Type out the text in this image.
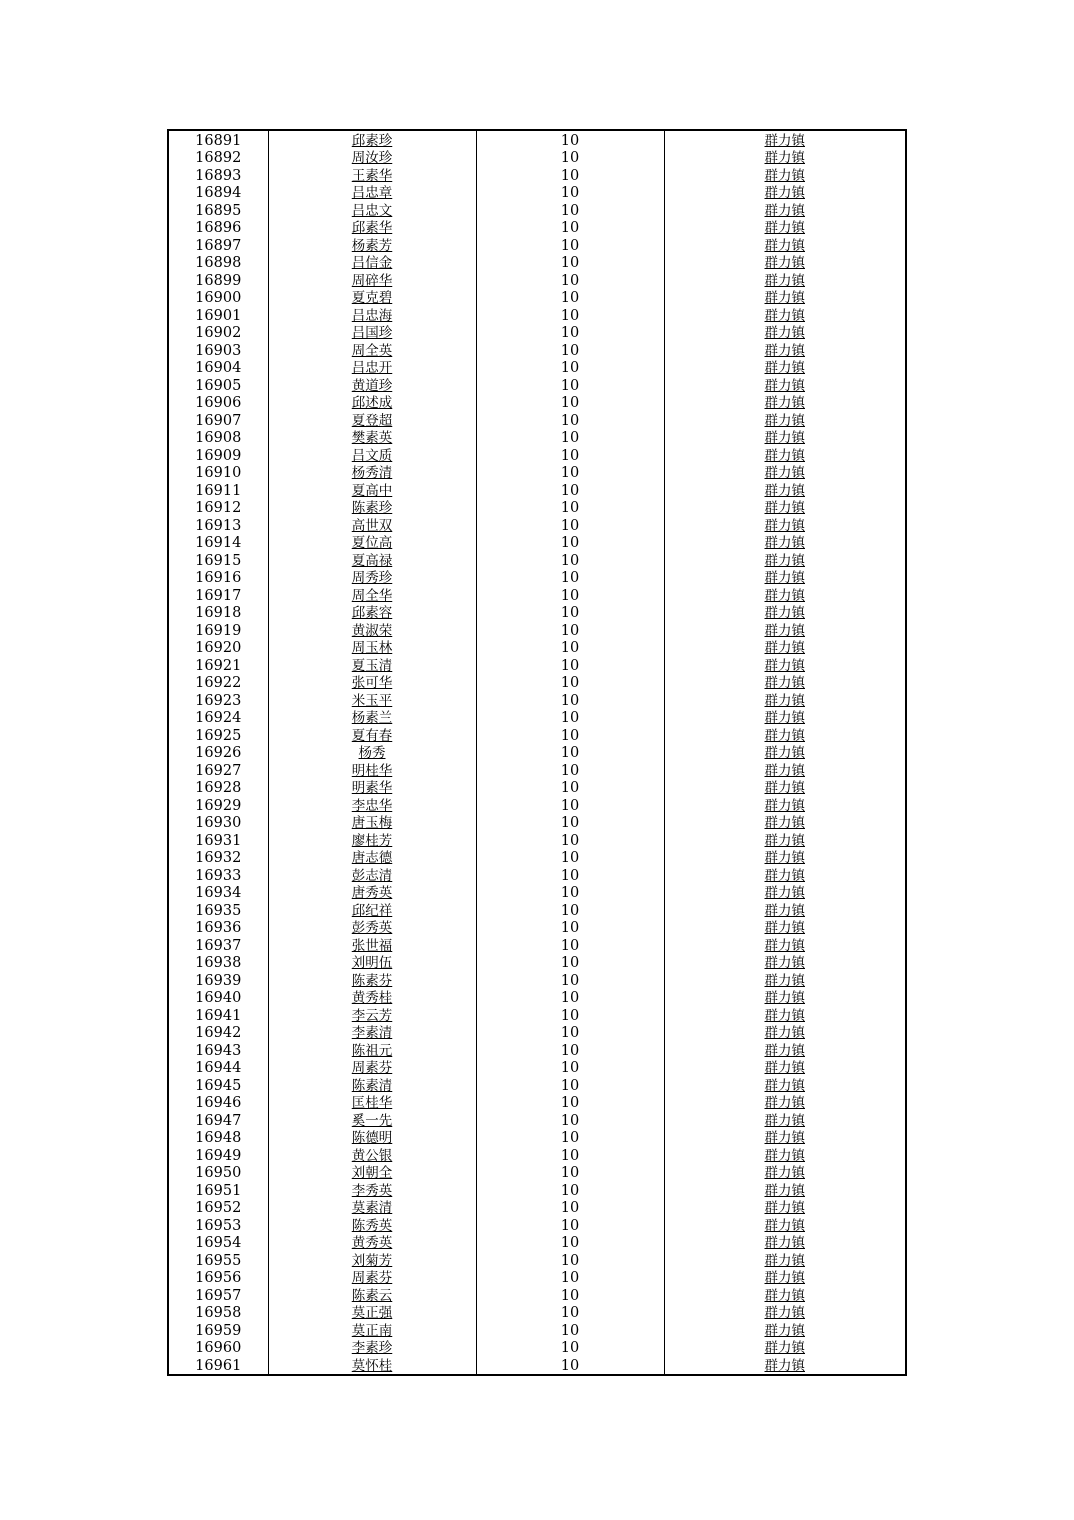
16891	邱素珍	10	群力镇
16892	周汝珍	10	群力镇
16893	王素华	10	群力镇
16894	吕忠章	10	群力镇
16895	吕忠文	10	群力镇
16896	邱素华	10	群力镇
16897	杨素芳	10	群力镇
16898	吕信金	10	群力镇
16899	周碎华	10	群力镇
16900	夏克碧	10	群力镇
16901	吕忠海	10	群力镇
16902	吕国珍	10	群力镇
16903	周全英	10	群力镇
16904	吕忠开	10	群力镇
16905	黄道珍	10	群力镇
16906	邱述成	10	群力镇
16907	夏登超	10	群力镇
16908	樊素英	10	群力镇
16909	吕文质	10	群力镇
16910	杨秀清	10	群力镇
16911	夏高中	10	群力镇
16912	陈素珍	10	群力镇
16913	高世双	10	群力镇
16914	夏位高	10	群力镇
16915	夏高禄	10	群力镇
16916	周秀珍	10	群力镇
16917	周全华	10	群力镇
16918	邱素容	10	群力镇
16919	黄淑荣	10	群力镇
16920	周玉林	10	群力镇
16921	夏玉清	10	群力镇
16922	张可华	10	群力镇
16923	米玉平	10	群力镇
16924	杨素兰	10	群力镇
16925	夏有春	10	群力镇
16926	杨秀	10	群力镇
16927	明桂华	10	群力镇
16928	明素华	10	群力镇
16929	李忠华	10	群力镇
16930	唐玉梅	10	群力镇
16931	廖桂芳	10	群力镇
16932	唐志德	10	群力镇
16933	彭志清	10	群力镇
16934	唐秀英	10	群力镇
16935	邱纪祥	10	群力镇
16936	彭秀英	10	群力镇
16937	张世福	10	群力镇
16938	刘明伍	10	群力镇
16939	陈素芬	10	群力镇
16940	黄秀桂	10	群力镇
16941	李云芳	10	群力镇
16942	李素清	10	群力镇
16943	陈祖元	10	群力镇
16944	周素芬	10	群力镇
16945	陈素清	10	群力镇
16946	匡桂华	10	群力镇
16947	奚一先	10	群力镇
16948	陈德明	10	群力镇
16949	黄公银	10	群力镇
16950	刘朝全	10	群力镇
16951	李秀英	10	群力镇
16952	莫素清	10	群力镇
16953	陈秀英	10	群力镇
16954	黄秀英	10	群力镇
16955	刘菊芳	10	群力镇
16956	周素芬	10	群力镇
16957	陈素云	10	群力镇
16958	莫正强	10	群力镇
16959	莫正南	10	群力镇
16960	李素珍	10	群力镇
16961	莫怀桂	10	群力镇
